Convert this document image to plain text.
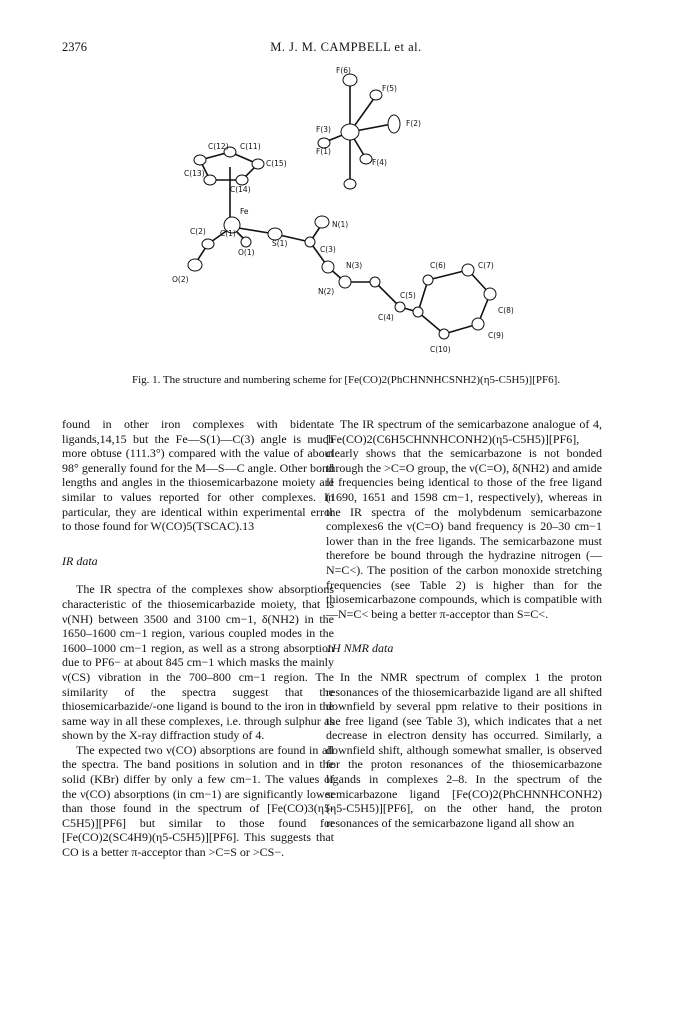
2376	M. J. M. CAMPBELL et al.
F(6)
F(5)
F(2)
F(3)
F(1)
F(4)
C(12) C(11)
C(15)
C(13)
C(14)
Fe
C(2) C(1)
S(1)
N(1)
O(1)	C(3)
O(2)
N(3)	C(6)	C(7)
N(2)	C(5)
C(4)
C(8)
C(10)
C(9)
Fig. 1. The structure and numbering scheme for [Fe(CO)2(PhCHNNHCSNH2)(η5-C5H5)][PF6].

found in other iron complexes with bidentate ligands,14,15 but the Fe—S(1)—C(3) angle is much more obtuse (111.3°) compared with the value of about 98° generally found for the M—S—C angle. Other bond lengths and angles in the thiosemicarbazone moiety are similar to values reported for other complexes. In particular, they are identical within experimental error to those found for W(CO)5(TSCAC).13

IR data

The IR spectra of the complexes show absorptions characteristic of the thiosemicarbazide moiety, that is ν(NH) between 3500 and 3100 cm−1, δ(NH2) in the 1650–1600 cm−1 region, various coupled modes in the 1600–1000 cm−1 region, as well as a strong absorption due to PF6− at about 845 cm−1 which masks the mainly ν(CS) vibration in the 700–800 cm−1 region. The similarity of the spectra suggest that the thiosemicarbazide/-one ligand is bound to the iron in the same way in all these complexes, i.e. through sulphur as shown by the X-ray diffraction study of 4.

The expected two ν(CO) absorptions are found in all the spectra. The band positions in solution and in the solid (KBr) differ by only a few cm−1. The values of the ν(CO) absorptions (in cm−1) are significantly lower than those found in the spectrum of [Fe(CO)3(η5-C5H5)][PF6] but similar to those found for [Fe(CO)2(SC4H9)(η5-C5H5)][PF6]. This suggests that CO is a better π-acceptor than >C=S or >CS−.

The IR spectrum of the semicarbazone analogue of 4, [Fe(CO)2(C6H5CHNNHCONH2)(η5-C5H5)][PF6], clearly shows that the semicarbazone is not bonded through the >C=O group, the ν(C=O), δ(NH2) and amide II frequencies being identical to those of the free ligand (1690, 1651 and 1598 cm−1, respectively), whereas in the IR spectra of the molybdenum semicarbazone complexes6 the ν(C=O) band frequency is 20–30 cm−1 lower than in the free ligands. The semicarbazone must therefore be bound through the hydrazine nitrogen (—N=C<). The position of the carbon monoxide stretching frequencies (see Table 2) is higher than for the thiosemicarbazone compounds, which is compatible with —N=C< being a better π-acceptor than S=C<.

1H NMR data

In the NMR spectrum of complex 1 the proton resonances of the thiosemicarbazide ligand are all shifted downfield by several ppm relative to their positions in the free ligand (see Table 3), which indicates that a net decrease in electron density has occurred. Similarly, a downfield shift, although somewhat smaller, is observed for the proton resonances of the thiosemicarbazone ligands in complexes 2–8. In the spectrum of the semicarbazone ligand [Fe(CO)2(PhCHNNHCONH2)(η5-C5H5)][PF6], on the other hand, the proton resonances of the semicarbazone ligand all show an
